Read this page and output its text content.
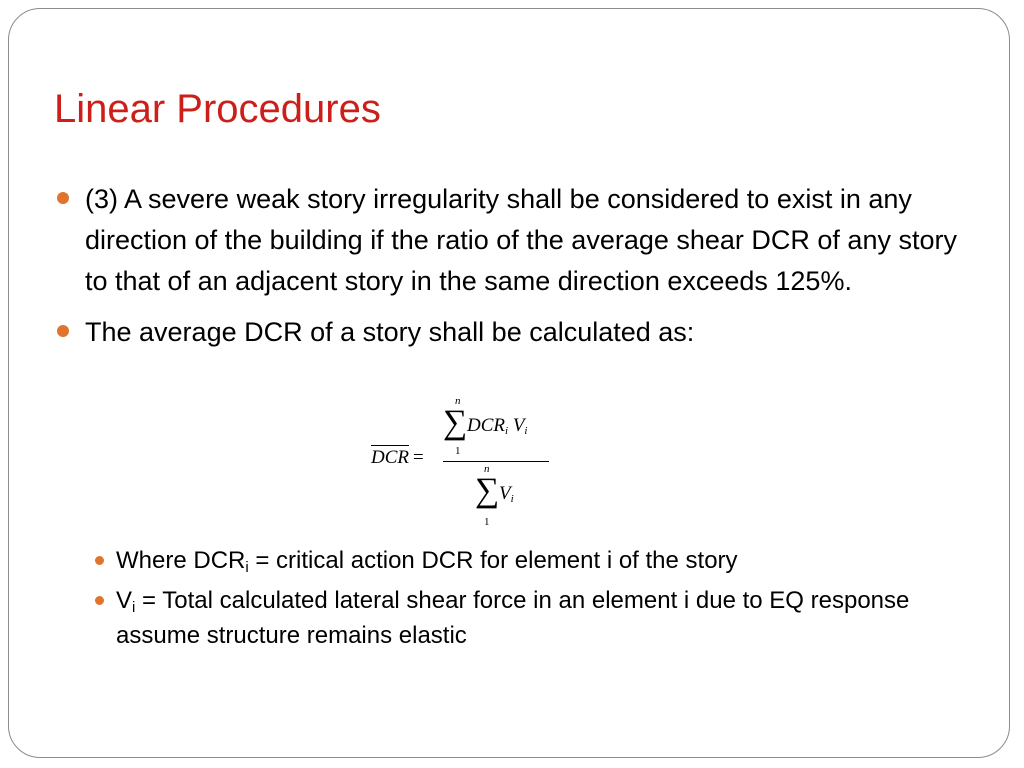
Linear Procedures
(3) A severe weak story irregularity shall be considered to exist in any direction of the building if the ratio of the average shear DCR of any story to that of an adjacent story in the same direction exceeds 125%.
The average DCR of a story shall be calculated as:
DCR =
n
∑
1
$DCR_i$ $V_i$
n
∑
1
$V_i$
Where $DCR_i$ = critical action DCR for element i of the story
$V_i$ = Total calculated lateral shear force in an element i due to EQ response assume structure remains elastic
